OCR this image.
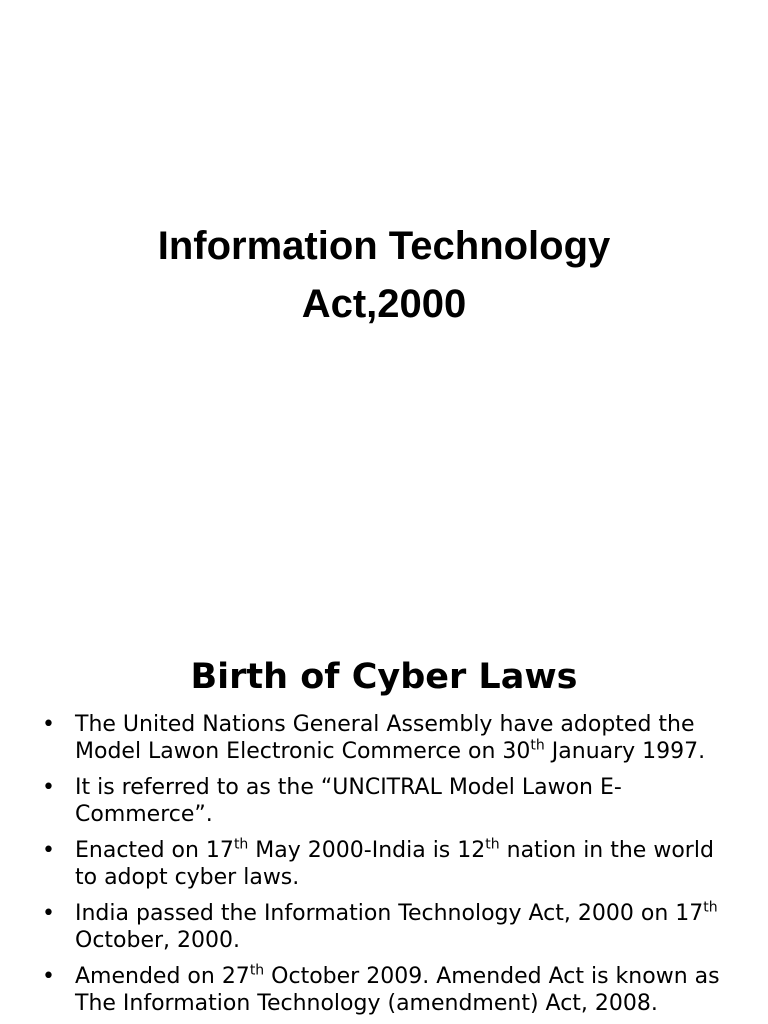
Information Technology
Act,2000
Birth of Cyber Laws
• The United Nations General Assembly have adopted the Model Lawon Electronic Commerce on 30th January 1997.
• It is referred to as the “UNCITRAL Model Lawon E-Commerce”.
• Enacted on 17th May 2000-India is 12th nation in the world to adopt cyber laws.
• India passed the Information Technology Act, 2000 on 17th October, 2000.
• Amended on 27th October 2009. Amended Act is known as The Information Technology (amendment) Act, 2008.
